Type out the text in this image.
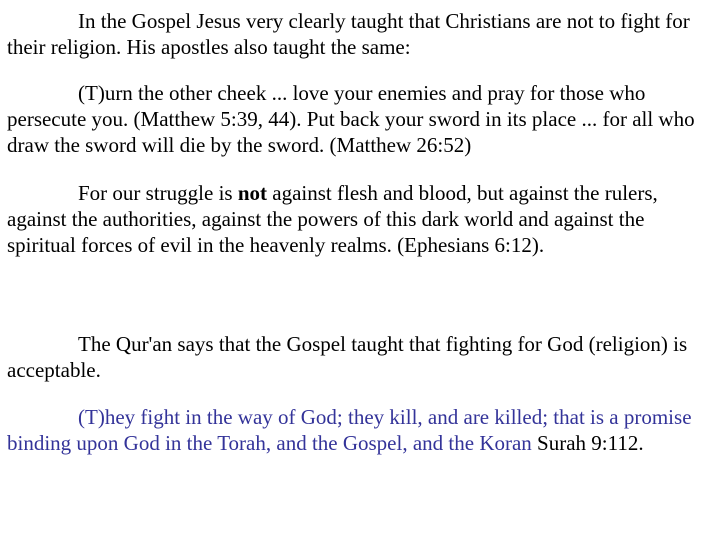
In the Gospel Jesus very clearly taught that Christians are not to fight for their religion. His apostles also taught the same:

(T)urn the other cheek ... love your enemies and pray for those who persecute you. (Matthew 5:39, 44). Put back your sword in its place ... for all who draw the sword will die by the sword. (Matthew 26:52)

For our struggle is not against flesh and blood, but against the rulers, against the authorities, against the powers of this dark world and against the spiritual forces of evil in the heavenly realms. (Ephesians 6:12).

The Qur'an says that the Gospel taught that fighting for God (religion) is acceptable.

(T)hey fight in the way of God; they kill, and are killed; that is a promise binding upon God in the Torah, and the Gospel, and the Koran Surah 9:112.
